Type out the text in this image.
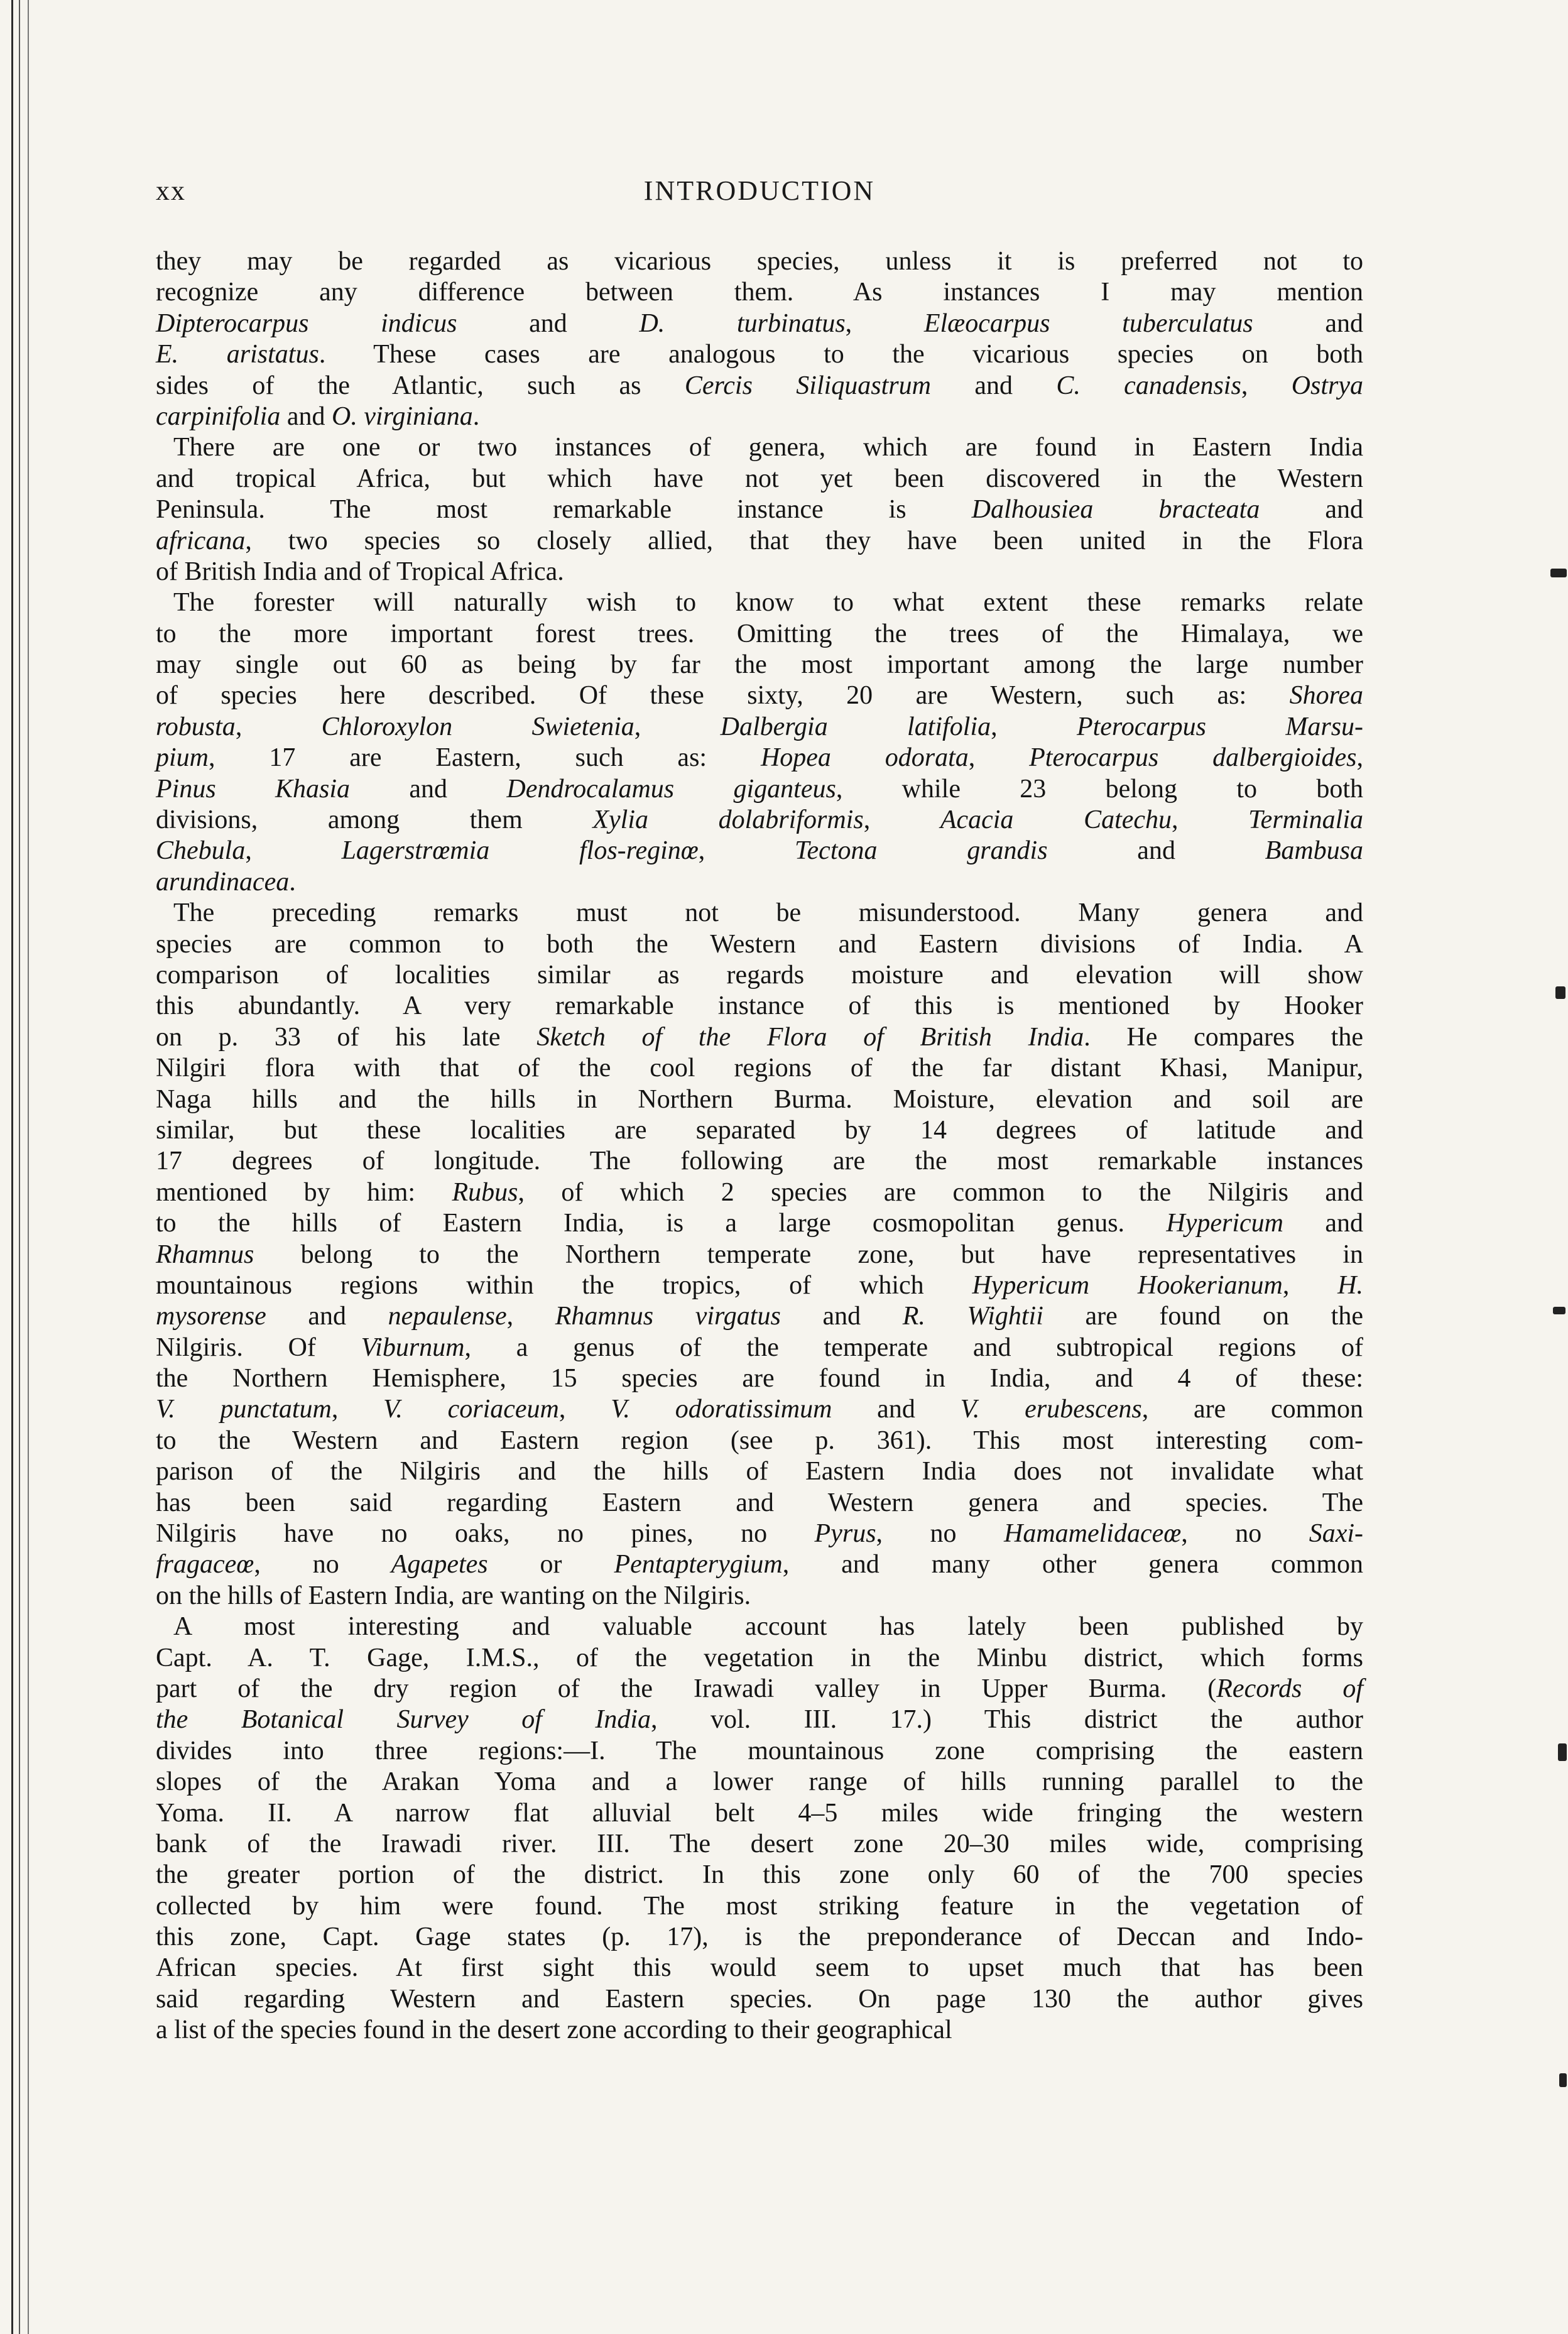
xx	INTRODUCTION
they may be regarded as vicarious species, unless it is preferred not to
recognize any difference between them. As instances I may mention
Dipterocarpus indicus and D. turbinatus, Elæocarpus tuberculatus and
E. aristatus. These cases are analogous to the vicarious species on both
sides of the Atlantic, such as Cercis Siliquastrum and C. canadensis, Ostrya
carpinifolia and O. virginiana.
There are one or two instances of genera, which are found in Eastern India
and tropical Africa, but which have not yet been discovered in the Western
Peninsula. The most remarkable instance is Dalhousiea bracteata and
africana, two species so closely allied, that they have been united in the Flora
of British India and of Tropical Africa.
The forester will naturally wish to know to what extent these remarks relate
to the more important forest trees. Omitting the trees of the Himalaya, we
may single out 60 as being by far the most important among the large number
of species here described. Of these sixty, 20 are Western, such as: Shorea
robusta, Chloroxylon Swietenia, Dalbergia latifolia, Pterocarpus Marsu-
pium, 17 are Eastern, such as: Hopea odorata, Pterocarpus dalbergioides,
Pinus Khasia and Dendrocalamus giganteus, while 23 belong to both
divisions, among them Xylia dolabriformis, Acacia Catechu, Terminalia
Chebula, Lagerstrœmia flos-reginœ, Tectona grandis and Bambusa
arundinacea.
The preceding remarks must not be misunderstood. Many genera and
species are common to both the Western and Eastern divisions of India. A
comparison of localities similar as regards moisture and elevation will show
this abundantly. A very remarkable instance of this is mentioned by Hooker
on p. 33 of his late Sketch of the Flora of British India. He compares the
Nilgiri flora with that of the cool regions of the far distant Khasi, Manipur,
Naga hills and the hills in Northern Burma. Moisture, elevation and soil are
similar, but these localities are separated by 14 degrees of latitude and
17 degrees of longitude. The following are the most remarkable instances
mentioned by him: Rubus, of which 2 species are common to the Nilgiris and
to the hills of Eastern India, is a large cosmopolitan genus. Hypericum and
Rhamnus belong to the Northern temperate zone, but have representatives in
mountainous regions within the tropics, of which Hypericum Hookerianum, H.
mysorense and nepaulense, Rhamnus virgatus and R. Wightii are found on the
Nilgiris. Of Viburnum, a genus of the temperate and subtropical regions of
the Northern Hemisphere, 15 species are found in India, and 4 of these:
V. punctatum, V. coriaceum, V. odoratissimum and V. erubescens, are common
to the Western and Eastern region (see p. 361). This most interesting com-
parison of the Nilgiris and the hills of Eastern India does not invalidate what
has been said regarding Eastern and Western genera and species. The
Nilgiris have no oaks, no pines, no Pyrus, no Hamamelidaceœ, no Saxi-
fragaceœ, no Agapetes or Pentapterygium, and many other genera common
on the hills of Eastern India, are wanting on the Nilgiris.
A most interesting and valuable account has lately been published by
Capt. A. T. Gage, I.M.S., of the vegetation in the Minbu district, which forms
part of the dry region of the Irawadi valley in Upper Burma. (Records of
the Botanical Survey of India, vol. III. 17.) This district the author
divides into three regions:—I. The mountainous zone comprising the eastern
slopes of the Arakan Yoma and a lower range of hills running parallel to the
Yoma. II. A narrow flat alluvial belt 4–5 miles wide fringing the western
bank of the Irawadi river. III. The desert zone 20–30 miles wide, comprising
the greater portion of the district. In this zone only 60 of the 700 species
collected by him were found. The most striking feature in the vegetation of
this zone, Capt. Gage states (p. 17), is the preponderance of Deccan and Indo-
African species. At first sight this would seem to upset much that has been
said regarding Western and Eastern species. On page 130 the author gives
a list of the species found in the desert zone according to their geographical
